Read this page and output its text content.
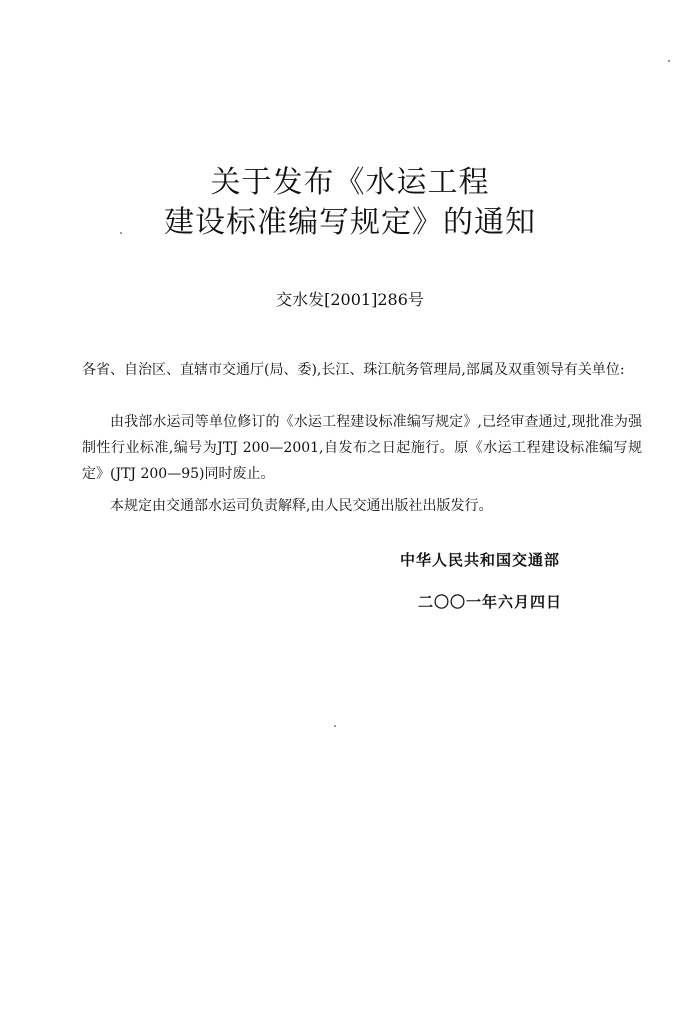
关于发布《水运工程
建设标准编写规定》的通知
交水发[2001]286号
各省、自治区、直辖市交通厅(局、委),长江、珠江航务管理局,部属及双重领导有关单位:
由我部水运司等单位修订的《水运工程建设标准编写规定》,已经审查通过,现批准为强制性行业标准,编号为JTJ 200—2001,自发布之日起施行。原《水运工程建设标准编写规定》(JTJ 200—95)同时废止。
本规定由交通部水运司负责解释,由人民交通出版社出版发行。
中华人民共和国交通部
二〇〇一年六月四日
